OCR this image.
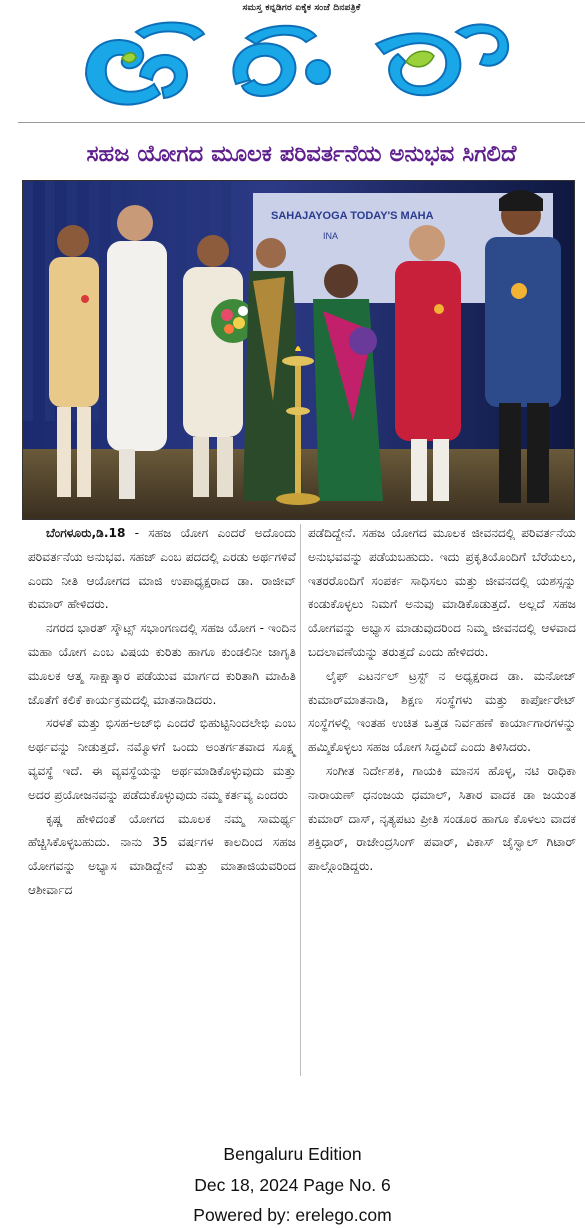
ಸಮಸ್ತ ಕನ್ನಡಿಗರ ಏಕೈಕ ಸಂಜೆ ದಿನಪತ್ರಿಕೆ
ಸಹಜ ಯೋಗದ ಮೂಲಕ ಪರಿವರ್ತನೆಯ ಅನುಭವ ಸಿಗಲಿದೆ
SAHAJAYOGA TODAY'S MAHA
INA

ಬೆಂಗಳೂರು,ಡಿ.18 - ಸಹಜ ಯೋಗ ಎಂದರೆ ಅದೊಂದು ಪರಿವರ್ತನೆಯ ಅನುಭವ. ಸಹಜ್ ಎಂಬ ಪದದಲ್ಲಿ ಎರಡು ಅರ್ಥಗಳಿವೆ ಎಂದು ನೀತಿ ಆಯೋಗದ ಮಾಜಿ ಉಪಾಧ್ಯಕ್ಷರಾದ ಡಾ. ರಾಜೀವ್ ಕುಮಾರ್ ಹೇಳಿದರು.

ನಗರದ ಭಾರತ್ ಸ್ಕೌಟ್ಸ್ ಸಭಾಂಗಣದಲ್ಲಿ ಸಹಜ ಯೋಗ - ಇಂದಿನ ಮಹಾ ಯೋಗ ಎಂಬ ವಿಷಯ ಕುರಿತು ಹಾಗೂ ಕುಂಡಲಿನೀ ಜಾಗೃತಿ ಮೂಲಕ ಆತ್ಮ ಸಾಕ್ಷಾತ್ಕಾರ ಪಡೆಯುವ ಮಾರ್ಗದ ಕುರಿತಾಗಿ ಮಾಹಿತಿ ಜೊತೆಗೆ ಕಲಿಕೆ ಕಾರ್ಯಕ್ರಮದಲ್ಲಿ ಮಾತನಾಡಿದರು.

ಸರಳತೆ ಮತ್ತು ಭಿಸಹ-ಅಜ್‌ಭಿ ಎಂದರೆ ಭಿಹುಟ್ಟಿನಿಂದಲೇಭಿ ಎಂಬ ಅರ್ಥವನ್ನು ನೀಡುತ್ತದೆ. ನಮ್ಮೊಳಗೆ ಒಂದು ಅಂತರ್ಗತವಾದ ಸೂಕ್ಷ್ಮ ವ್ಯವಸ್ಥೆ ಇದೆ. ಈ ವ್ಯವಸ್ಥೆಯನ್ನು ಅರ್ಥಮಾಡಿಕೊಳ್ಳುವುದು ಮತ್ತು ಅದರ ಪ್ರಯೋಜನವನ್ನು ಪಡೆದುಕೊಳ್ಳುವುದು ನಮ್ಮ ಕರ್ತವ್ಯ ಎಂದರು

ಕೃಷ್ಣ ಹೇಳಿದಂತೆ ಯೋಗದ ಮೂಲಕ ನಮ್ಮ ಸಾಮರ್ಥ್ಯ ಹೆಚ್ಚಿಸಿಕೊಳ್ಳಬಹುದು. ನಾನು 35 ವರ್ಷಗಳ ಕಾಲದಿಂದ ಸಹಜ ಯೋಗವನ್ನು ಅಭ್ಯಾಸ ಮಾಡಿದ್ದೇನೆ ಮತ್ತು ಮಾತಾಜಿಯವರಿಂದ ಆಶೀರ್ವಾದ

ಪಡೆದಿದ್ದೇನೆ. ಸಹಜ ಯೋಗದ ಮೂಲಕ ಜೀವನದಲ್ಲಿ ಪರಿವರ್ತನೆಯ ಅನುಭವವನ್ನು ಪಡೆಯಬಹುದು. ಇದು ಪ್ರಕೃತಿಯೊಂದಿಗೆ ಬೆರೆಯಲು, ಇತರರೊಂದಿಗೆ ಸಂಪರ್ಕ ಸಾಧಿಸಲು ಮತ್ತು ಜೀವನದಲ್ಲಿ ಯಶಸ್ಸನ್ನು ಕಂಡುಕೊಳ್ಳಲು ನಿಮಗೆ ಅನುವು ಮಾಡಿಕೊಡುತ್ತದೆ. ಅಲ್ಲದೆ ಸಹಜ ಯೋಗವನ್ನು ಅಭ್ಯಾಸ ಮಾಡುವುದರಿಂದ ನಿಮ್ಮ ಜೀವನದಲ್ಲಿ ಆಳವಾದ ಬದಲಾವಣೆಯನ್ನು ತರುತ್ತದೆ ಎಂದು ಹೇಳಿದರು.

ಲೈಫ್ ಎಟರ್ನಲ್ ಟ್ರಸ್ಟ್ ನ ಅಧ್ಯಕ್ಷರಾದ ಡಾ. ಮನೋಜ್ ಕುಮಾರ್‌ಮಾತನಾಡಿ, ಶಿಕ್ಷಣ ಸಂಸ್ಥೆಗಳು ಮತ್ತು ಕಾರ್ಪೋರೇಟ್ ಸಂಸ್ಥೆಗಳಲ್ಲಿ ಇಂತಹ ಉಚಿತ ಒತ್ತಡ ನಿರ್ವಹಣೆ ಕಾರ್ಯಾಗಾರಗಳನ್ನು ಹಮ್ಮಿಕೊಳ್ಳಲು ಸಹಜ ಯೋಗ ಸಿದ್ಧವಿದೆ ಎಂದು ತಿಳಿಸಿದರು.

ಸಂಗೀತ ನಿರ್ದೇಶಕಿ, ಗಾಯಕಿ ಮಾನಸ ಹೊಳ್ಳ, ನಟಿ ರಾಧಿಕಾ ನಾರಾಯಣ್ ಧನಂಜಯ ಧಮಾಲ್, ಸಿತಾರ ವಾದಕ ಡಾ ಜಯಂತ ಕುಮಾರ್ ದಾಸ್, ನೃತ್ಯಪಟು ಪ್ರೀತಿ ಸಂಡೂರ ಹಾಗೂ ಕೊಳಲು ವಾದಕ ಶಕ್ತಿಧಾರ್, ರಾಜೇಂದ್ರಸಿಂಗ್ ಪವಾರ್, ವಿಕಾಸ್ ಜೈಸ್ವಾಲ್ ಗಿಟಾರ್ ಪಾಲ್ಗೊಂಡಿದ್ದರು.

Bengaluru Edition
Dec 18, 2024 Page No. 6
Powered by: erelego.com
